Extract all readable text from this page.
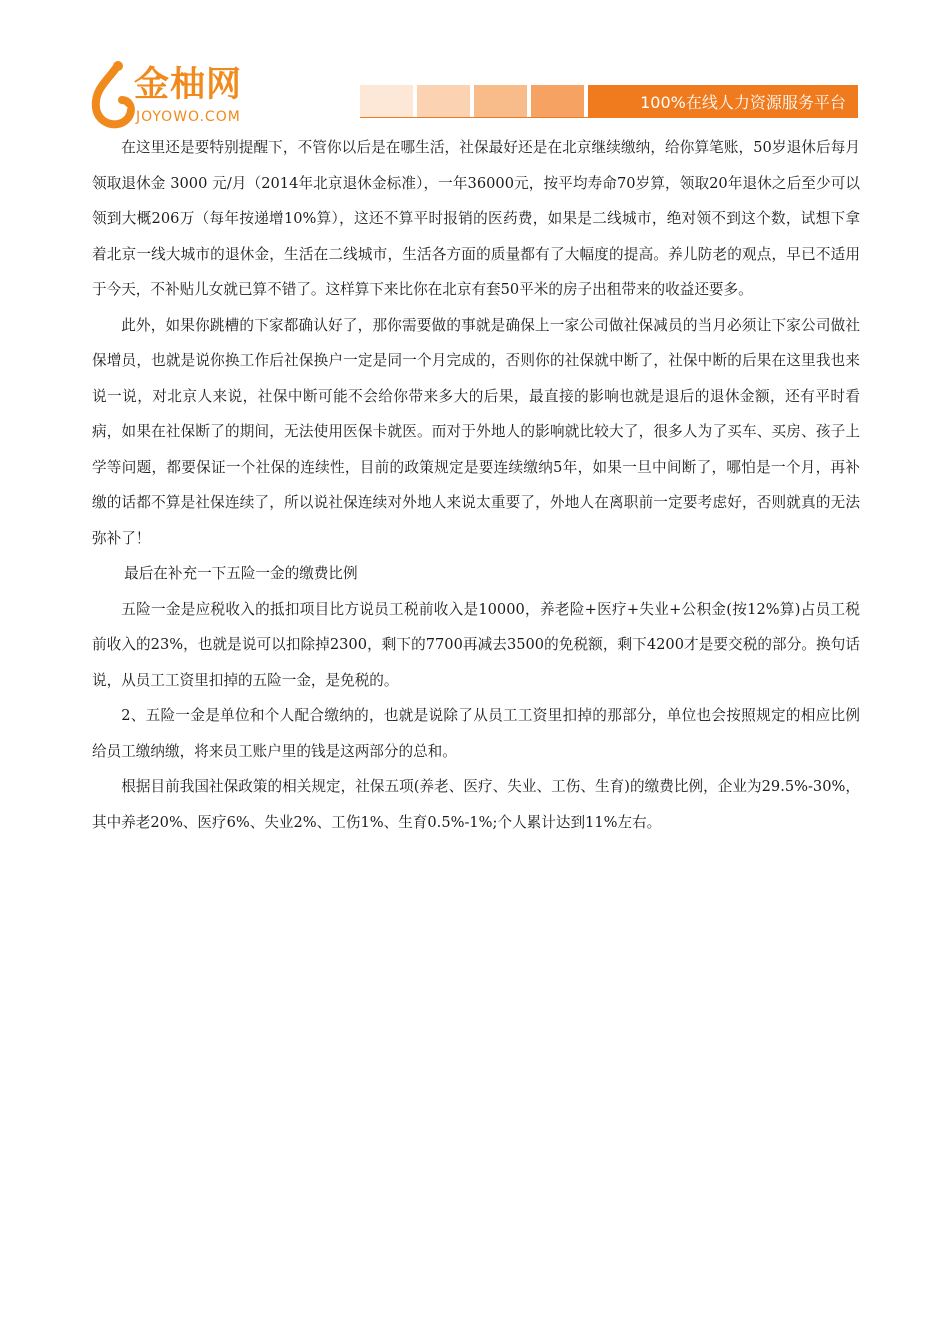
金柚网
JOYOWO.COM
100%在线人力资源服务平台

在这里还是要特别提醒下，不管你以后是在哪生活，社保最好还是在北京继续缴纳，给你算笔账，50岁退休后每月领取退休金 3000 元/月（2014年北京退休金标准），一年36000元，按平均寿命70岁算，领取20年退休之后至少可以领到大概206万（每年按递增10%算），这还不算平时报销的医药费，如果是二线城市，绝对领不到这个数，试想下拿着北京一线大城市的退休金，生活在二线城市，生活各方面的质量都有了大幅度的提高。养儿防老的观点，早已不适用于今天，不补贴儿女就已算不错了。这样算下来比你在北京有套50平米的房子出租带来的收益还要多。

此外，如果你跳槽的下家都确认好了，那你需要做的事就是确保上一家公司做社保减员的当月必须让下家公司做社保增员，也就是说你换工作后社保换户一定是同一个月完成的，否则你的社保就中断了，社保中断的后果在这里我也来说一说，对北京人来说，社保中断可能不会给你带来多大的后果，最直接的影响也就是退后的退休金额，还有平时看病，如果在社保断了的期间，无法使用医保卡就医。而对于外地人的影响就比较大了，很多人为了买车、买房、孩子上学等问题，都要保证一个社保的连续性，目前的政策规定是要连续缴纳5年，如果一旦中间断了，哪怕是一个月，再补缴的话都不算是社保连续了，所以说社保连续对外地人来说太重要了，外地人在离职前一定要考虑好，否则就真的无法弥补了！

最后在补充一下五险一金的缴费比例

五险一金是应税收入的抵扣项目比方说员工税前收入是10000，养老险+医疗+失业+公积金(按12%算)占员工税前收入的23%，也就是说可以扣除掉2300，剩下的7700再减去3500的免税额，剩下4200才是要交税的部分。换句话说，从员工工资里扣掉的五险一金，是免税的。

2、五险一金是单位和个人配合缴纳的，也就是说除了从员工工资里扣掉的那部分，单位也会按照规定的相应比例给员工缴纳缴，将来员工账户里的钱是这两部分的总和。

根据目前我国社保政策的相关规定，社保五项(养老、医疗、失业、工伤、生育)的缴费比例，企业为29.5%-30%，其中养老20%、医疗6%、失业2%、工伤1%、生育0.5%-1%;个人累计达到11%左右。
